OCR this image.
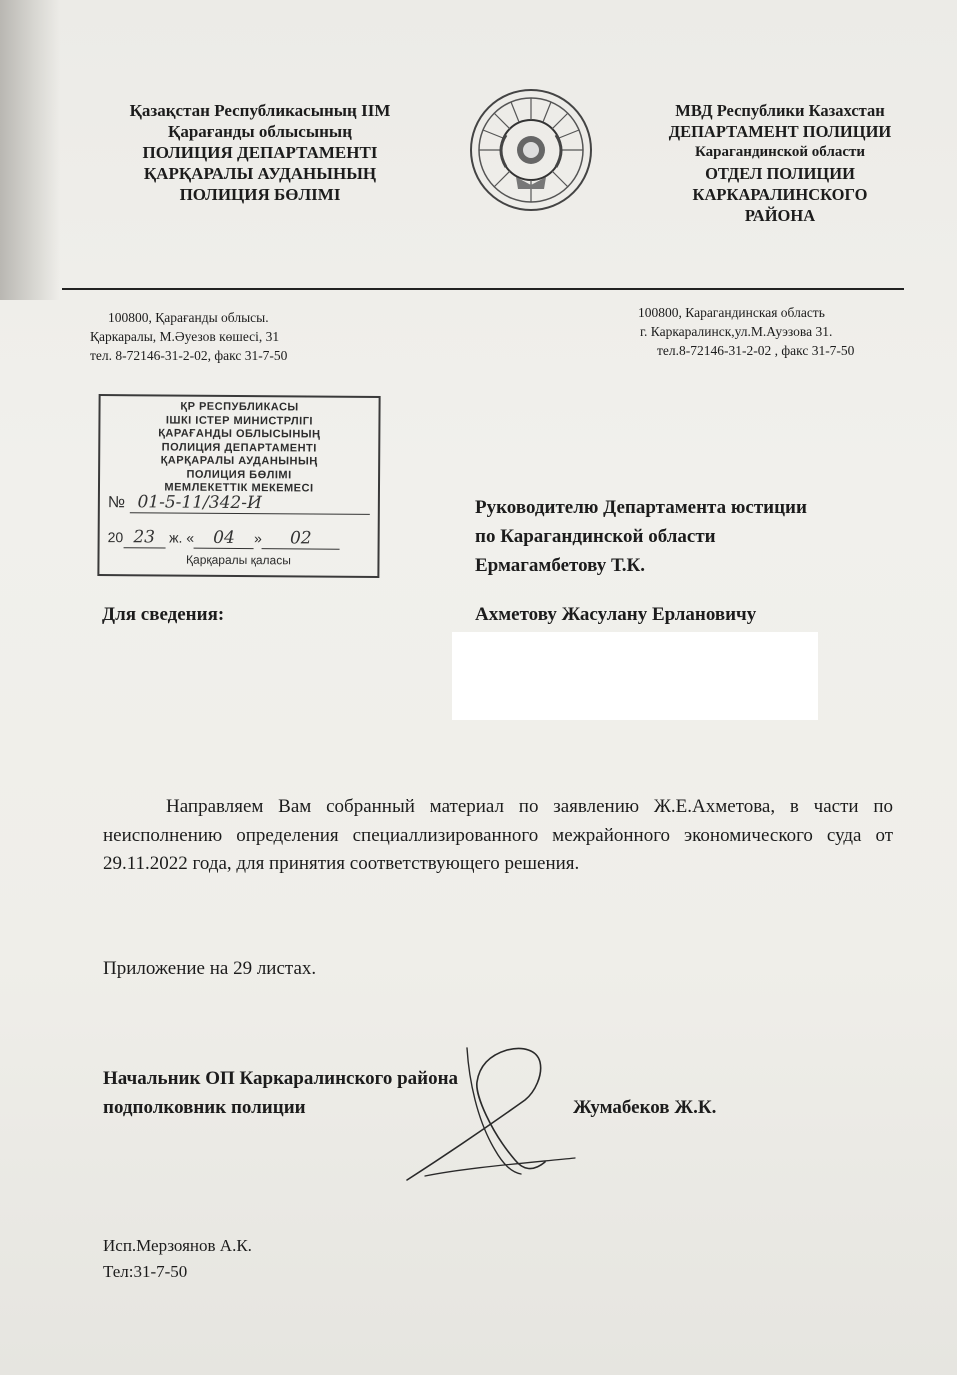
Қазақстан Республикасының ІІМ
Қарағанды облысының
ПОЛИЦИЯ ДЕПАРТАМЕНТІ
ҚАРҚАРАЛЫ АУДАНЫНЫҢ
ПОЛИЦИЯ БӨЛІМІ
МВД Республики Казахстан
ДЕПАРТАМЕНТ ПОЛИЦИИ
Карагандинской области
ОТДЕЛ ПОЛИЦИИ
КАРКАРАЛИНСКОГО
РАЙОНА
100800, Қарағанды облысы.
Қаркаралы, М.Әуезов көшесі, 31
тел. 8-72146-31-2-02, факс 31-7-50
100800, Карагандинская область
г. Каркаралинск,ул.М.Ауэзова 31.
тел.8-72146-31-2-02 , факс 31-7-50
ҚР РЕСПУБЛИКАСЫ
ІШКІ ІСТЕР МИНИСТРЛІГІ
ҚАРАҒАНДЫ ОБЛЫСЫНЫҢ
ПОЛИЦИЯ ДЕПАРТАМЕНТІ
ҚАРҚАРАЛЫ АУДАНЫНЫҢ
ПОЛИЦИЯ БӨЛІМІ
МЕМЛЕКЕТТІК МЕКЕМЕСІ
№ 01-5-11/342-И
20 23 ж. « 04 » 02
Қарқаралы қаласы
Руководителю Департамента юстиции
по Карагандинской области
Ермагамбетову Т.К.
Для сведения:	Ахметову Жасулану Ерлановичу
Направляем Вам собранный материал по заявлению Ж.Е.Ахметова, в части по неисполнению определения специаллизированного межрайонного экономического суда от 29.11.2022 года, для принятия соответствующего решения.
Приложение на 29 листах.
Начальник ОП Каркаралинского района
подполковник полиции	Жумабеков Ж.К.
Исп.Мерзоянов А.К.
Тел:31-7-50
